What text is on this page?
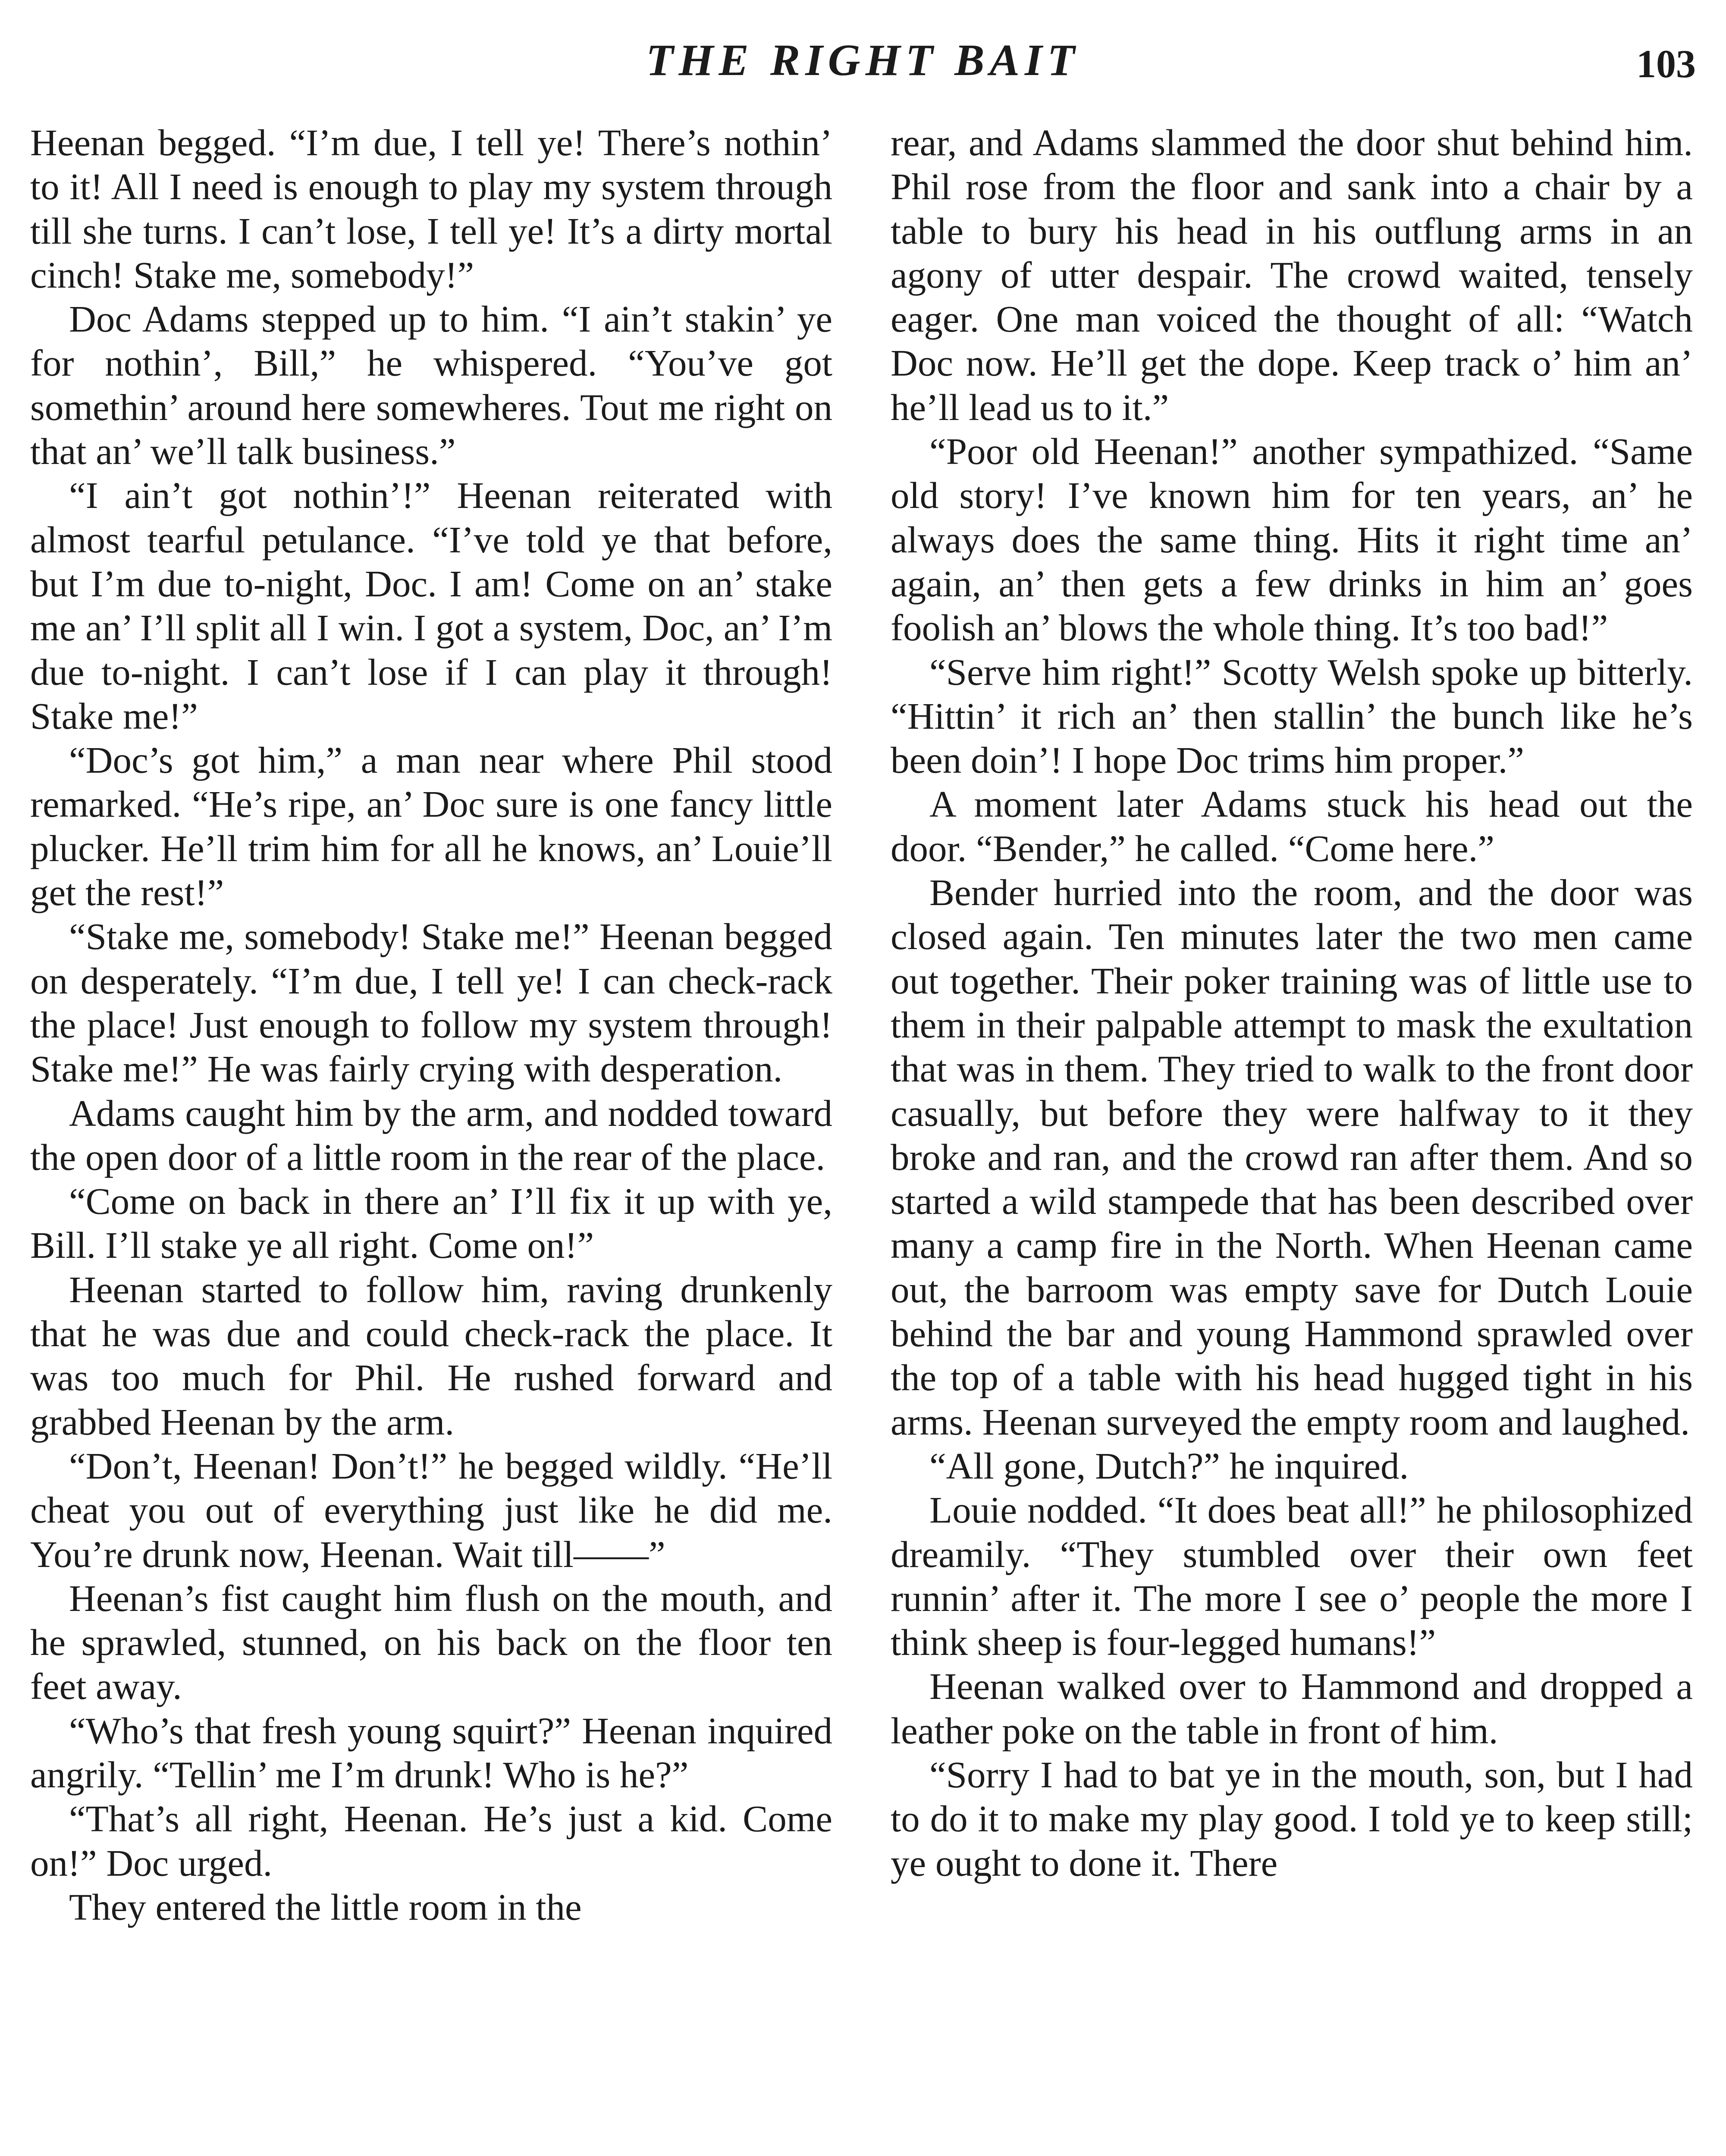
THE RIGHT BAIT	103

Heenan begged. “I’m due, I tell ye! There’s nothin’ to it! All I need is enough to play my system through till she turns. I can’t lose, I tell ye! It’s a dirty mortal cinch! Stake me, somebody!”

Doc Adams stepped up to him. “I ain’t stakin’ ye for nothin’, Bill,” he whispered. “You’ve got somethin’ around here somewheres. Tout me right on that an’ we’ll talk business.”

“I ain’t got nothin’!” Heenan reiterated with almost tearful petulance. “I’ve told ye that before, but I’m due to-night, Doc. I am! Come on an’ stake me an’ I’ll split all I win. I got a system, Doc, an’ I’m due to-night. I can’t lose if I can play it through! Stake me!”

“Doc’s got him,” a man near where Phil stood remarked. “He’s ripe, an’ Doc sure is one fancy little plucker. He’ll trim him for all he knows, an’ Louie’ll get the rest!”

“Stake me, somebody! Stake me!” Heenan begged on desperately. “I’m due, I tell ye! I can check-rack the place! Just enough to follow my system through! Stake me!” He was fairly crying with desperation.

Adams caught him by the arm, and nodded toward the open door of a little room in the rear of the place.

“Come on back in there an’ I’ll fix it up with ye, Bill. I’ll stake ye all right. Come on!”

Heenan started to follow him, raving drunkenly that he was due and could check-rack the place. It was too much for Phil. He rushed forward and grabbed Heenan by the arm.

“Don’t, Heenan! Don’t!” he begged wildly. “He’ll cheat you out of everything just like he did me. You’re drunk now, Heenan. Wait till——”

Heenan’s fist caught him flush on the mouth, and he sprawled, stunned, on his back on the floor ten feet away.

“Who’s that fresh young squirt?” Heenan inquired angrily. “Tellin’ me I’m drunk! Who is he?”

“That’s all right, Heenan. He’s just a kid. Come on!” Doc urged.

They entered the little room in the

rear, and Adams slammed the door shut behind him. Phil rose from the floor and sank into a chair by a table to bury his head in his outflung arms in an agony of utter despair. The crowd waited, tensely eager. One man voiced the thought of all: “Watch Doc now. He’ll get the dope. Keep track o’ him an’ he’ll lead us to it.”

“Poor old Heenan!” another sympathized. “Same old story! I’ve known him for ten years, an’ he always does the same thing. Hits it right time an’ again, an’ then gets a few drinks in him an’ goes foolish an’ blows the whole thing. It’s too bad!”

“Serve him right!” Scotty Welsh spoke up bitterly. “Hittin’ it rich an’ then stallin’ the bunch like he’s been doin’! I hope Doc trims him proper.”

A moment later Adams stuck his head out the door. “Bender,” he called. “Come here.”

Bender hurried into the room, and the door was closed again. Ten minutes later the two men came out together. Their poker training was of little use to them in their palpable attempt to mask the exultation that was in them. They tried to walk to the front door casually, but before they were halfway to it they broke and ran, and the crowd ran after them. And so started a wild stampede that has been described over many a camp fire in the North. When Heenan came out, the barroom was empty save for Dutch Louie behind the bar and young Hammond sprawled over the top of a table with his head hugged tight in his arms. Heenan surveyed the empty room and laughed.

“All gone, Dutch?” he inquired.

Louie nodded. “It does beat all!” he philosophized dreamily. “They stumbled over their own feet runnin’ after it. The more I see o’ people the more I think sheep is four-legged humans!”

Heenan walked over to Hammond and dropped a leather poke on the table in front of him.

“Sorry I had to bat ye in the mouth, son, but I had to do it to make my play good. I told ye to keep still; ye ought to done it. There
